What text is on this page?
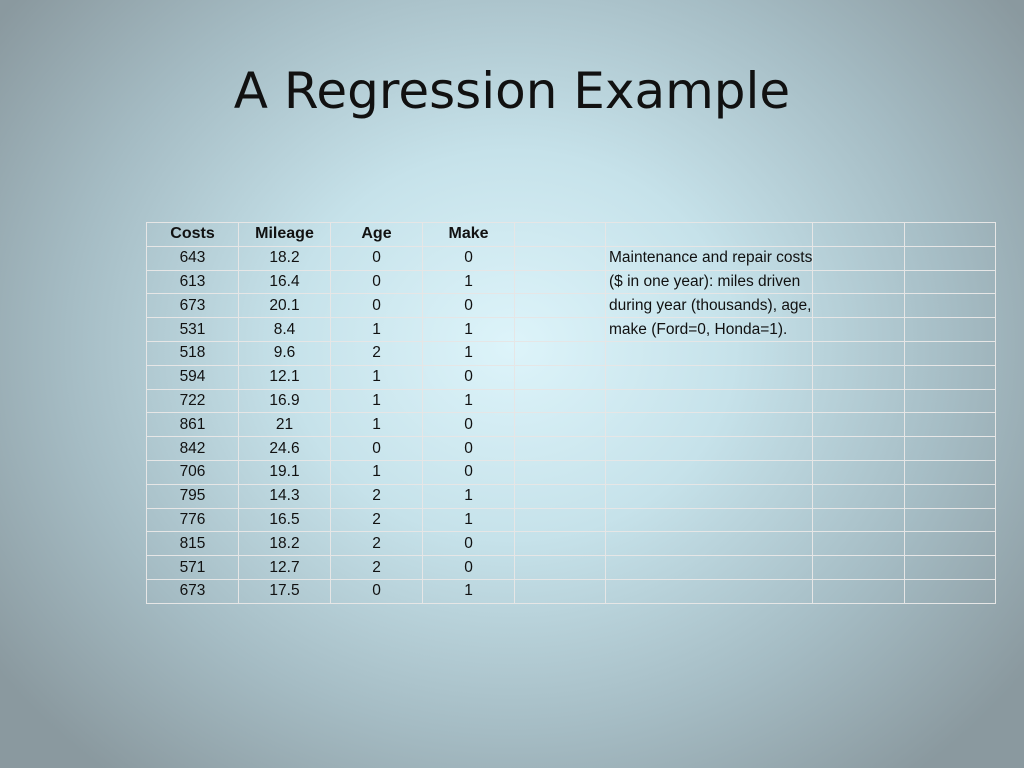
A Regression Example
Costs	Mileage	Age	Make				
643	18.2	0	0		Maintenance and repair costs		

613	16.4	0	1		($ in one year): miles driven		

673	20.1	0	0		during year (thousands), age,		

531	8.4	1	1		make (Ford=0, Honda=1).		

518	9.6	2	1				
594	12.1	1	0				
722	16.9	1	1				
861	21	1	0				
842	24.6	0	0				
706	19.1	1	0				
795	14.3	2	1				
776	16.5	2	1				
815	18.2	2	0				
571	12.7	2	0				
673	17.5	0	1				
